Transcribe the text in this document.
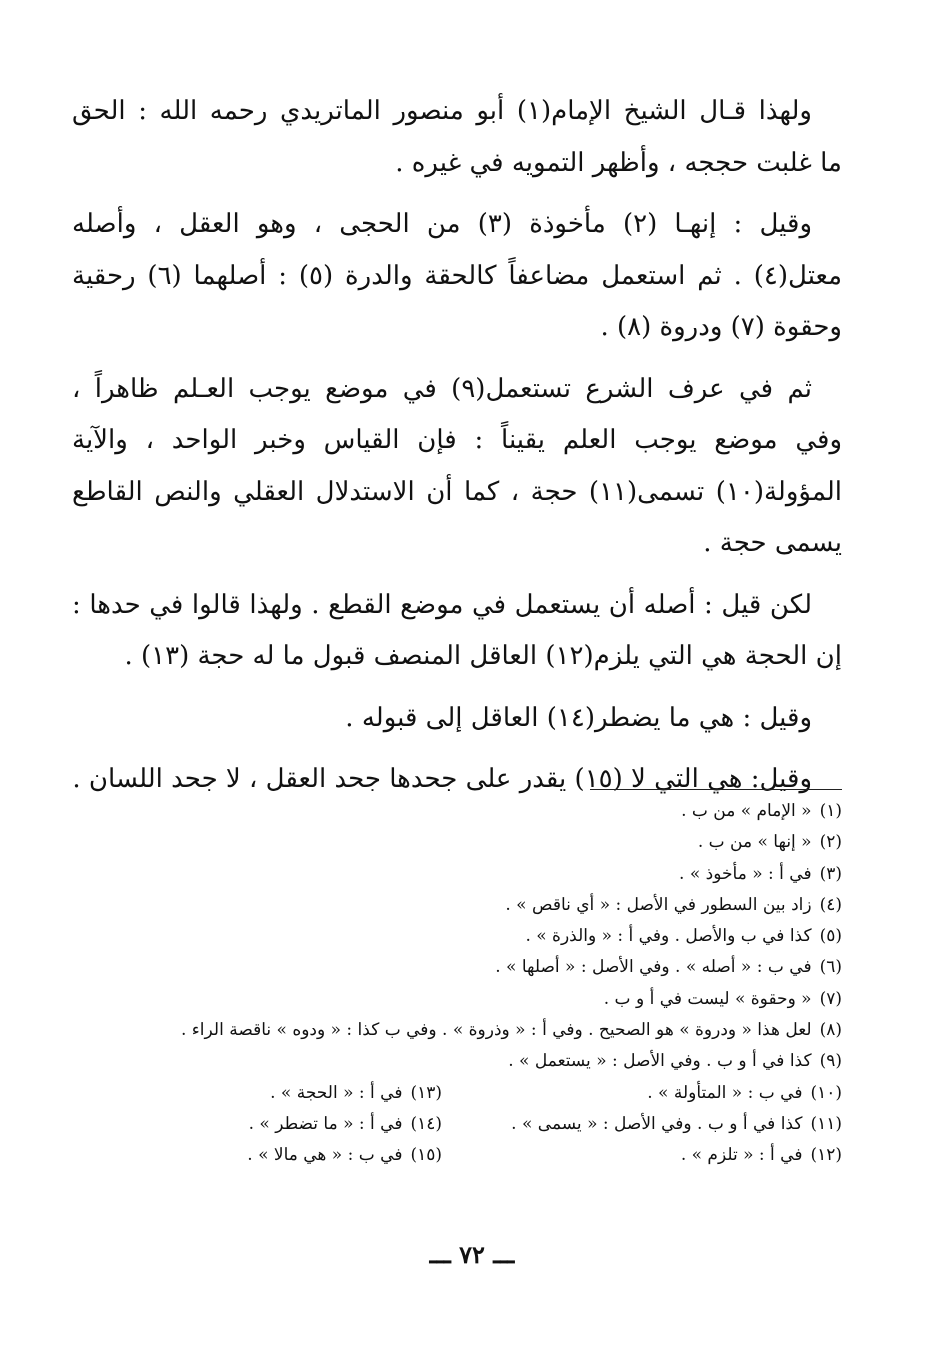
ولهذا قـال الشيخ الإمام(١) أبو منصور الماتريدي رحمه الله : الحق
ما غلبت حججه ، وأظهر التمويه في غيره .

وقيل : إنهـا (٢) مأخوذة (٣) من الحجى ، وهو العقل ، وأصله
معتل(٤) . ثم استعمل مضاعفاً كالحقة والدرة (٥) : أصلهما (٦) رحقية
وحقوة (٧) ودروة (٨) .

ثم في عرف الشرع تستعمل(٩) في موضع يوجب العـلم ظاهراً ،
وفي موضع يوجب العلم يقيناً : فإن القياس وخبر الواحد ، والآية
المؤولة(١٠) تسمى(١١) حجة ، كما أن الاستدلال العقلي والنص القاطع
يسمى حجة .

لكن قيل : أصله أن يستعمل في موضع القطع . ولهذا قالوا في حدها :
إن الحجة هي التي يلزم(١٢) العاقل المنصف قبول ما له حجة (١٣) .

وقيل : هي ما يضطر(١٤) العاقل إلى قبوله .

وقيل: هي التي لا (١٥) يقدر على جحدها جحد العقل ، لا جحد اللسان .

(١)« الإمام » من ب .
(٢)« إنها » من ب .
(٣)في أ : « مأخوذ » .
(٤)زاد بين السطور في الأصل : « أي ناقص » .
(٥)كذا في ب والأصل . وفي أ : « والذرة » .
(٦)في ب : « أصله » . وفي الأصل : « أصلها » .
(٧)« وحقوة » ليست في أ و ب .
(٨)لعل هذا « ودروة » هو الصحيح . وفي أ : « وذروة » . وفي ب كذا : « ودوه » ناقصة الراء .
(٩)كذا في أ و ب . وفي الأصل : « يستعمل » .
(١٠)في ب : « المتأولة » .
(١٣)في أ : « الحجة » .
(١١)كذا في أ و ب . وفي الأصل : « يسمى » .
(١٤)في أ : « ما تضطر » .
(١٢)في أ : « تلزم » .
(١٥)في ب : « هي مالا » .
ـــ ٧٢ ـــ
